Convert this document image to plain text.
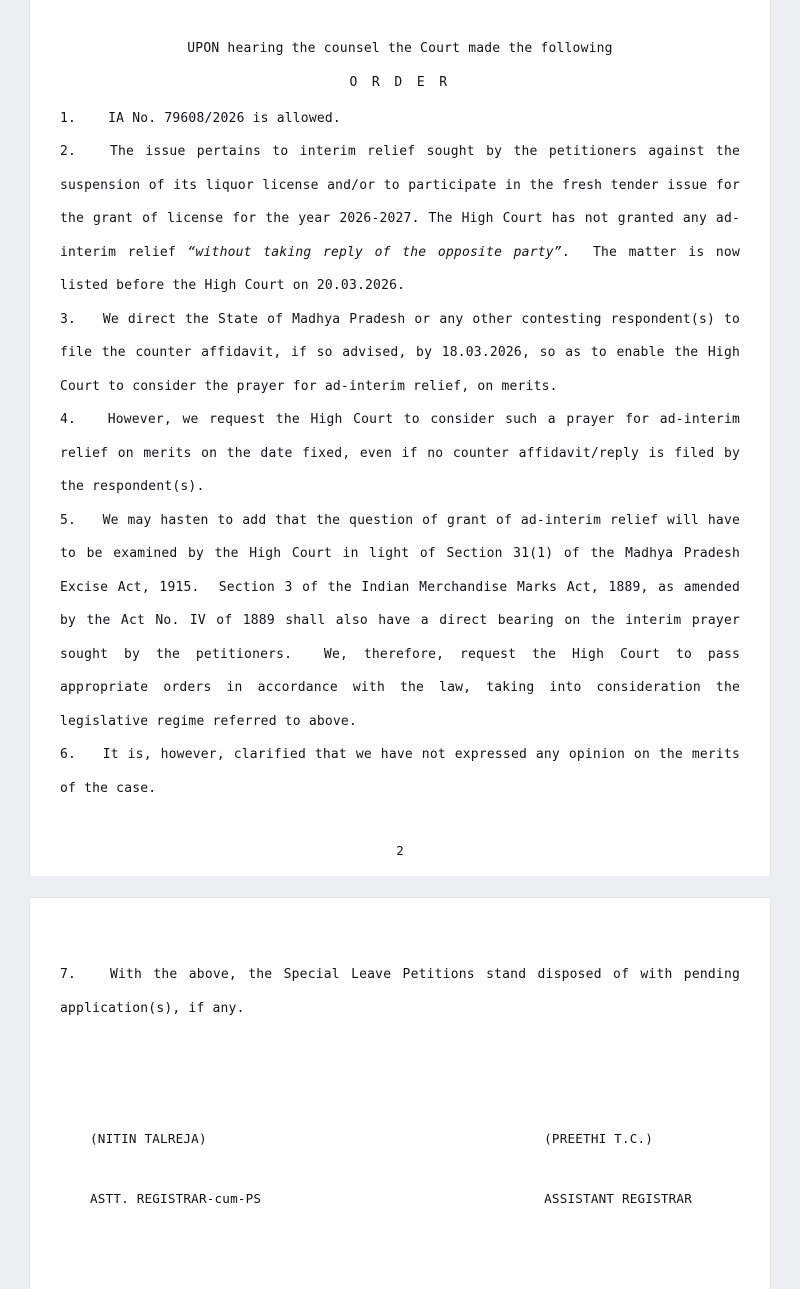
UPON hearing the counsel the Court made the following
O R D E R

1.    IA No. 79608/2026 is allowed.

2.   The issue pertains to interim relief sought by the petitioners against the suspension of its liquor license and/or to participate in the fresh tender issue for the grant of license for the year 2026-2027. The High Court has not granted any ad-interim relief “without taking reply of the opposite party”.  The matter is now listed before the High Court on 20.03.2026.

3.   We direct the State of Madhya Pradesh or any other contesting respondent(s) to file the counter affidavit, if so advised, by 18.03.2026, so as to enable the High Court to consider the prayer for ad-interim relief, on merits.

4.   However, we request the High Court to consider such a prayer for ad-interim relief on merits on the date fixed, even if no counter affidavit/reply is filed by the respondent(s).

5.   We may hasten to add that the question of grant of ad-interim relief will have to be examined by the High Court in light of Section 31(1) of the Madhya Pradesh Excise Act, 1915.  Section 3 of the Indian Merchandise Marks Act, 1889, as amended by the Act No. IV of 1889 shall also have a direct bearing on the interim prayer sought by the petitioners.  We, therefore, request the High Court to pass appropriate orders in accordance with the law, taking into consideration the legislative regime referred to above.

6.   It is, however, clarified that we have not expressed any opinion on the merits of the case.

2

7.   With the above, the Special Leave Petitions stand disposed of with pending application(s), if any.

(NITIN TALREJA)

ASTT. REGISTRAR-cum-PS

(PREETHI T.C.)

ASSISTANT REGISTRAR
